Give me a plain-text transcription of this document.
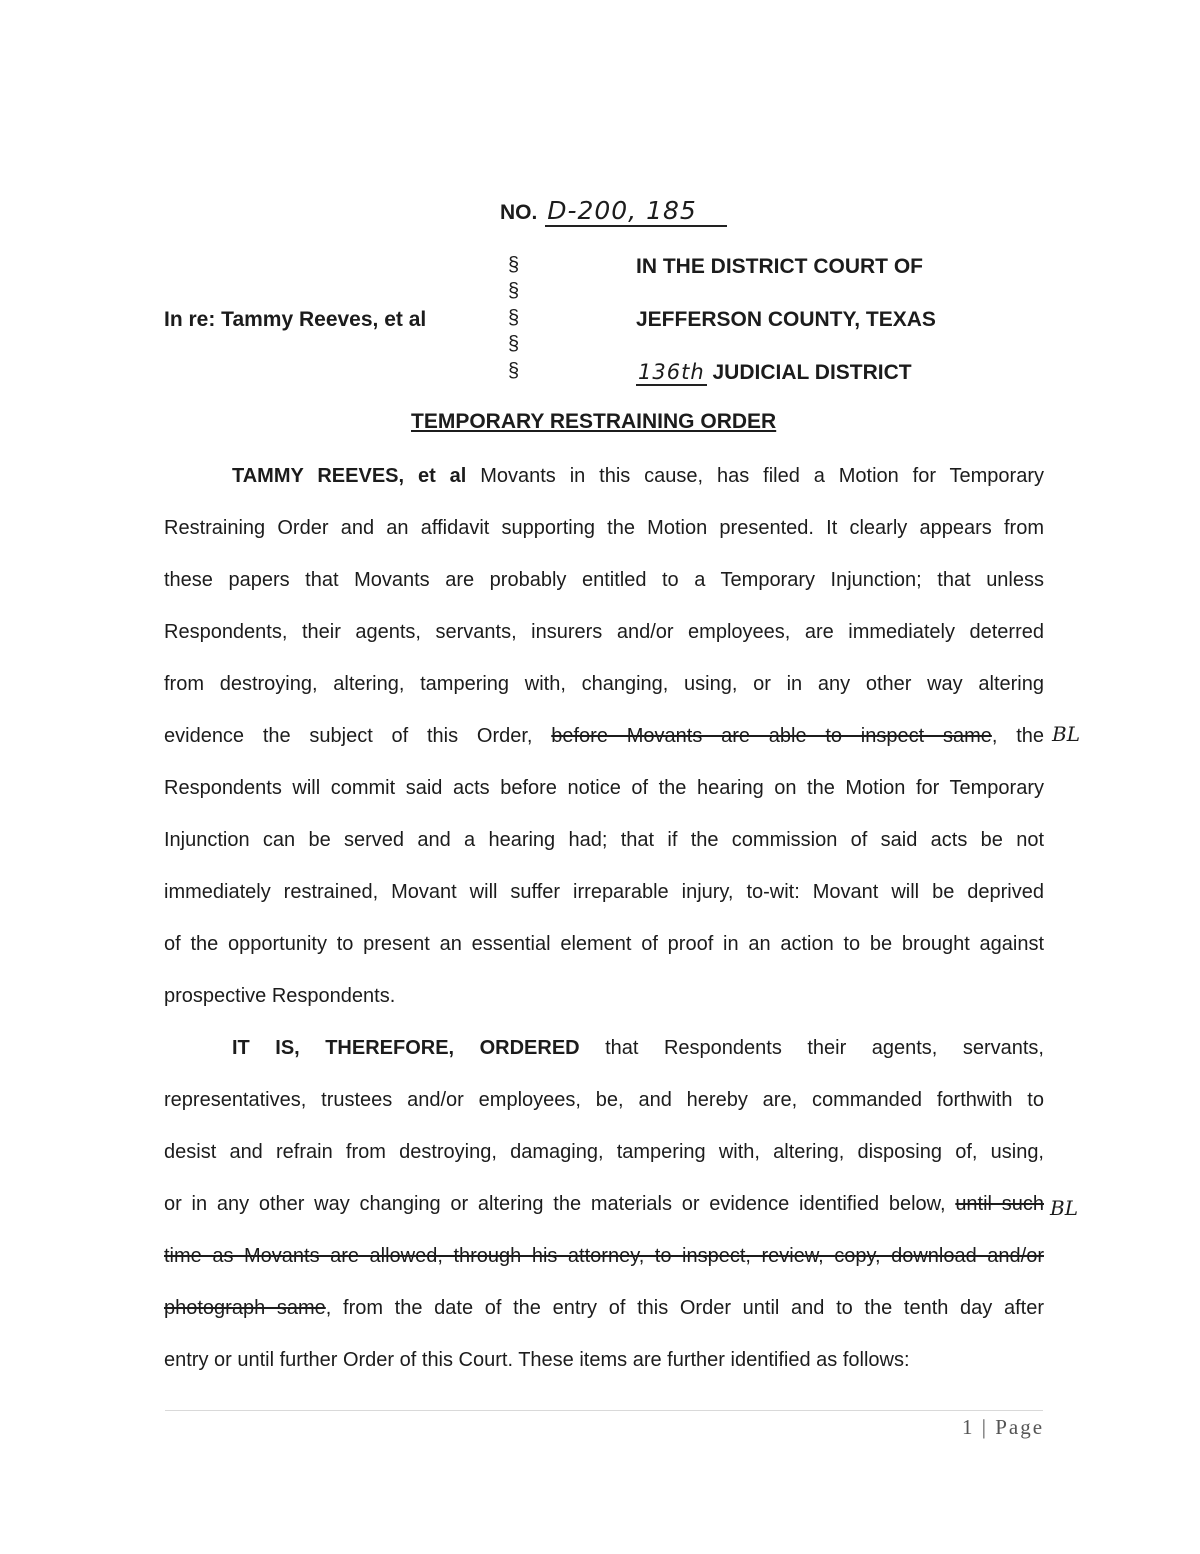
NO. D-200, 185
In re: Tammy Reeves, et al
§
§
§
§
§
IN THE DISTRICT COURT OF
JEFFERSON COUNTY, TEXAS
136th JUDICIAL DISTRICT
TEMPORARY RESTRAINING ORDER
TAMMY REEVES, et al Movants in this cause, has filed a Motion for Temporary
Restraining Order and an affidavit supporting the Motion presented. It clearly appears from
these papers that Movants are probably entitled to a Temporary Injunction; that unless
Respondents, their agents, servants, insurers and/or employees, are immediately deterred
from destroying, altering, tampering with, changing, using, or in any other way altering
evidence the subject of this Order, before Movants are able to inspect same, the
Respondents will commit said acts before notice of the hearing on the Motion for Temporary
Injunction can be served and a hearing had; that if the commission of said acts be not
immediately restrained, Movant will suffer irreparable injury, to-wit: Movant will be deprived
of the opportunity to present an essential element of proof in an action to be brought against
prospective Respondents.
BL
IT IS, THEREFORE, ORDERED that Respondents their agents, servants,
representatives, trustees and/or employees, be, and hereby are, commanded forthwith to
desist and refrain from destroying, damaging, tampering with, altering, disposing of, using,
or in any other way changing or altering the materials or evidence identified below, until such
time as Movants are allowed, through his attorney, to inspect, review, copy, download and/or
photograph same, from the date of the entry of this Order until and to the tenth day after
entry or until further Order of this Court. These items are further identified as follows:
BL
1 | Page
